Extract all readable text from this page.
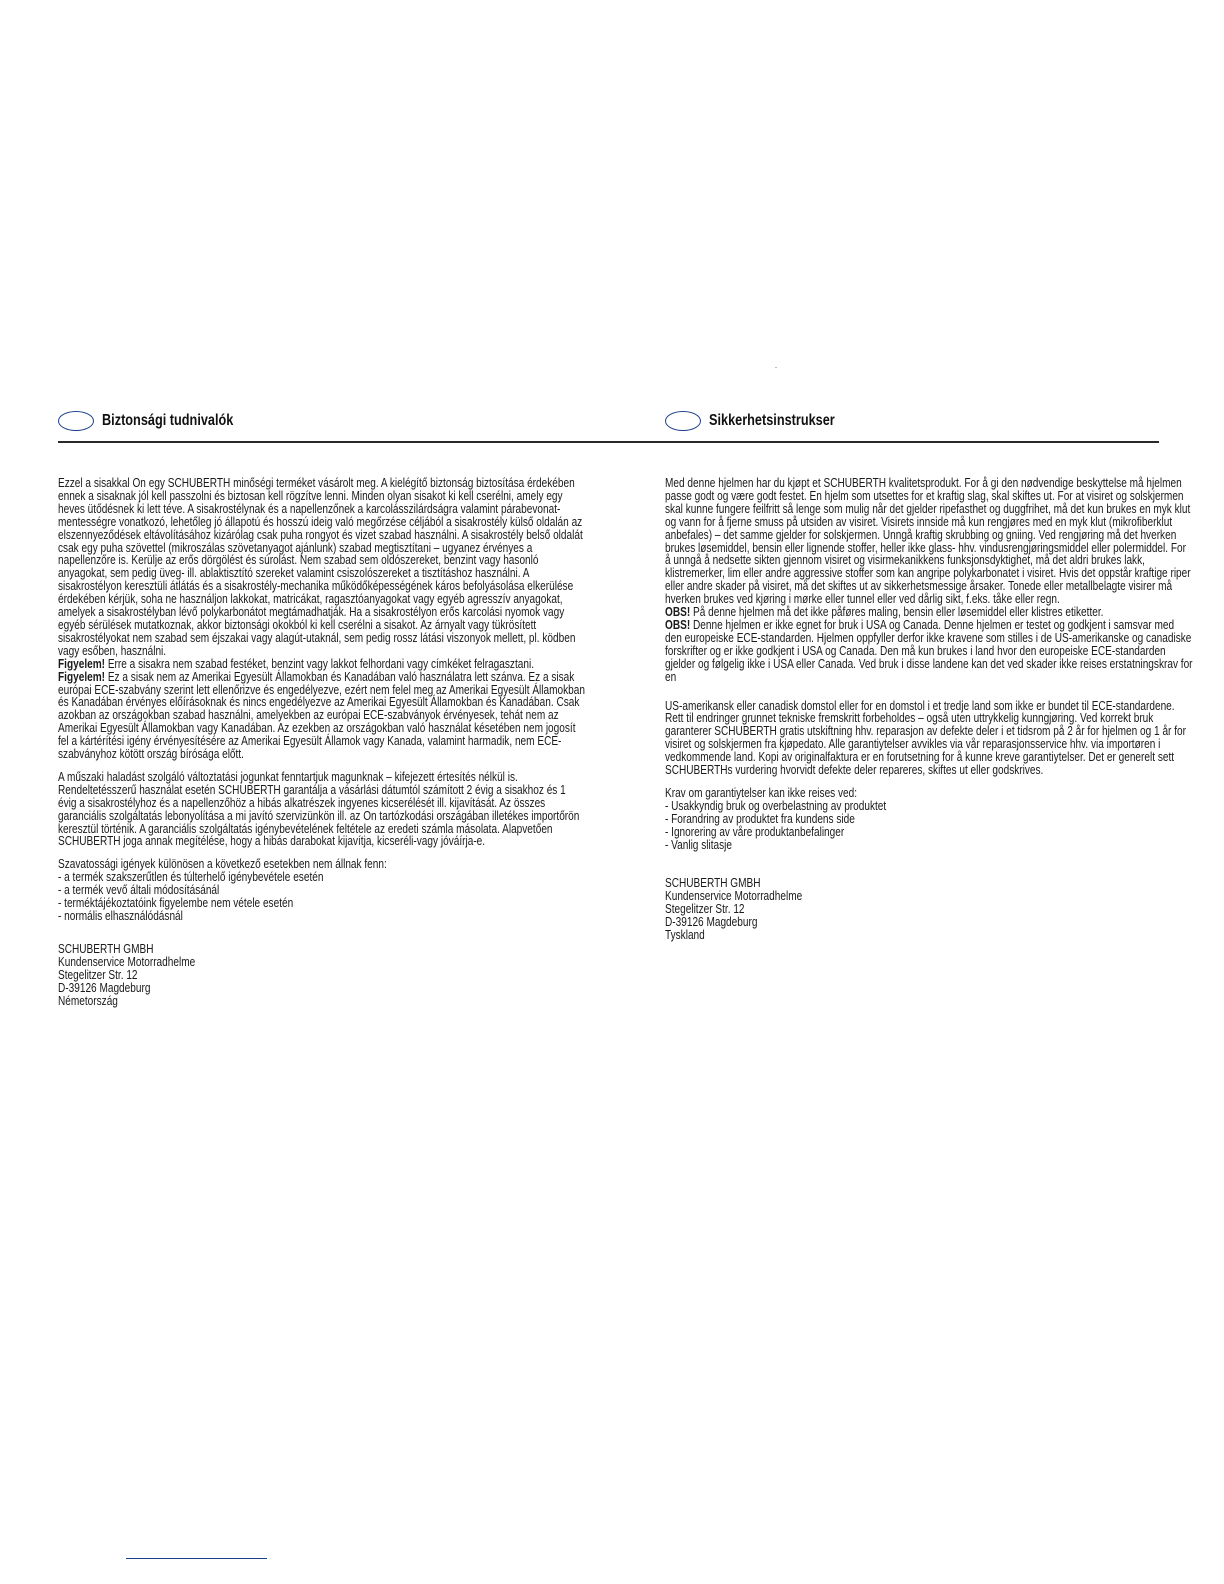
Biztonsági tudnivalók	Sikkerhetsinstrukser

Ezzel a sisakkal On egy SCHUBERTH minőségi terméket vásárolt meg. A kielégítő biztonság biztosítása érdekében ennek a sisaknak jól kell passzolni és biztosan kell rögzítve lenni. Minden olyan sisakot ki kell cserélni, amely egy heves ütődésnek ki lett téve. A sisakrostélynak és a napellenzőnek a karcolásszilárdságra valamint párabevonat-mentességre vonatkozó, lehetőleg jó állapotú és hosszú ideig való megőrzése céljából a sisakrostély külső oldalán az elszennyeződések eltávolításához kizárólag csak puha rongyot és vizet szabad használni. A sisakrostély belső oldalát csak egy puha szövettel (mikroszálas szövetanyagot ajánlunk) szabad megtisztítani – ugyanez érvényes a napellenzőre is. Kerülje az erős dörgölést és súrolást. Nem szabad sem oldószereket, benzint vagy hasonló anyagokat, sem pedig üveg- ill. ablaktisztító szereket valamint csiszolószereket a tisztításhoz használni. A sisakrostélyon keresztüli átlátás és a sisakrostély-mechanika működőképességének káros befolyásolása elkerülése érdekében kérjük, soha ne használjon lakkokat, matricákat, ragasztóanyagokat vagy egyéb agresszív anyagokat, amelyek a sisakrostélyban lévő polykarbonátot megtámadhatják. Ha a sisakrostélyon erős karcolási nyomok vagy egyéb sérülések mutatkoznak, akkor biztonsági okokból ki kell cserélni a sisakot. Az árnyalt vagy tükrösített sisakrostélyokat nem szabad sem éjszakai vagy alagút-utaknál, sem pedig rossz látási viszonyok mellett, pl. ködben vagy esőben, használni.

Figyelem! Erre a sisakra nem szabad festéket, benzint vagy lakkot felhordani vagy címkéket felragasztani.

Figyelem! Ez a sisak nem az Amerikai Egyesült Államokban és Kanadában való használatra lett szánva. Ez a sisak európai ECE-szabvány szerint lett ellenőrizve és engedélyezve, ezért nem felel meg az Amerikai Egyesült Államokban és Kanadában érvényes előírásoknak és nincs engedélyezve az Amerikai Egyesült Államokban és Kanadában. Csak azokban az országokban szabad használni, amelyekben az európai ECE-szabványok érvényesek, tehát nem az Amerikai Egyesült Államokban vagy Kanadában. Az ezekben az országokban való használat késetében nem jogosít fel a kártérítési igény érvényesítésére az Amerikai Egyesült Államok vagy Kanada, valamint harmadik, nem ECE-szabványhoz kötött ország bírósága előtt.

A műszaki haladást szolgáló változtatási jogunkat fenntartjuk magunknak – kifejezett értesítés nélkül is. Rendeltetésszerű használat esetén SCHUBERTH garantálja a vásárlási dátumtól számított 2 évig a sisakhoz és 1 évig a sisakrostélyhoz és a napellenzőhöz a hibás alkatrészek ingyenes kicserélését ill. kijavítását. Az összes garanciális szolgáltatás lebonyolítása a mi javító szervizünkön ill. az On tartózkodási országában illetékes importőrön keresztül történik. A garanciális szolgáltatás igénybevételének feltétele az eredeti számla másolata. Alapvetően SCHUBERTH joga annak megítélése, hogy a hibás darabokat kijavítja, kicseréli-vagy jóváírja-e.

Szavatossági igények különösen a következő esetekben nem állnak fenn:

- a termék szakszerűtlen és túlterhelő igénybevétele esetén
- a termék vevő általi módosításánál
- terméktájékoztatóink figyelembe nem vétele esetén
- normális elhasználódásnál

SCHUBERTH GMBH

Kundenservice Motorradhelme

Stegelitzer Str. 12

D-39126 Magdeburg

Németország

Med denne hjelmen har du kjøpt et SCHUBERTH kvalitetsprodukt. For å gi den nødvendige beskyttelse må hjelmen passe godt og være godt festet. En hjelm som utsettes for et kraftig slag, skal skiftes ut. For at visiret og solskjermen skal kunne fungere feilfritt så lenge som mulig når det gjelder ripefasthet og duggfrihet, må det kun brukes en myk klut og vann for å fjerne smuss på utsiden av visiret. Visirets innside må kun rengjøres med en myk klut (mikrofiberklut anbefales) – det samme gjelder for solskjermen. Unngå kraftig skrubbing og gniing. Ved rengjøring må det hverken brukes løsemiddel, bensin eller lignende stoffer, heller ikke glass- hhv. vindusrengjøringsmiddel eller polermiddel. For å unngå å nedsette sikten gjennom visiret og visirmekanikkens funksjonsdyktighet, må det aldri brukes lakk, klistremerker, lim eller andre aggressive stoffer som kan angripe polykarbonatet i visiret. Hvis det oppstår kraftige riper eller andre skader på visiret, må det skiftes ut av sikkerhetsmessige årsaker. Tonede eller metallbelagte visirer må hverken brukes ved kjøring i mørke eller tunnel eller ved dårlig sikt, f.eks. tåke eller regn.

OBS! På denne hjelmen må det ikke påføres maling, bensin eller løsemiddel eller klistres etiketter.

OBS! Denne hjelmen er ikke egnet for bruk i USA og Canada. Denne hjelmen er testet og godkjent i samsvar med den europeiske ECE-standarden. Hjelmen oppfyller derfor ikke kravene som stilles i de US-amerikanske og canadiske forskrifter og er ikke godkjent i USA og Canada. Den må kun brukes i land hvor den europeiske ECE-standarden gjelder og følgelig ikke i USA eller Canada. Ved bruk i disse landene kan det ved skader ikke reises erstatningskrav for en

US-amerikansk eller canadisk domstol eller for en domstol i et tredje land som ikke er bundet til ECE-standardene. Rett til endringer grunnet tekniske fremskritt forbeholdes – også uten uttrykkelig kunngjøring. Ved korrekt bruk garanterer SCHUBERTH gratis utskiftning hhv. reparasjon av defekte deler i et tidsrom på 2 år for hjelmen og 1 år for visiret og solskjermen fra kjøpedato. Alle garantiytelser avvikles via vår reparasjonsservice hhv. via importøren i vedkommende land. Kopi av originalfaktura er en forutsetning for å kunne kreve garantiytelser. Det er generelt sett SCHUBERTHs vurdering hvorvidt defekte deler repareres, skiftes ut eller godskrives.

Krav om garantiytelser kan ikke reises ved:

- Usakkyndig bruk og overbelastning av produktet
- Forandring av produktet fra kundens side
- Ignorering av våre produktanbefalinger
- Vanlig slitasje

SCHUBERTH GMBH

Kundenservice Motorradhelme

Stegelitzer Str. 12

D-39126 Magdeburg

Tyskland
